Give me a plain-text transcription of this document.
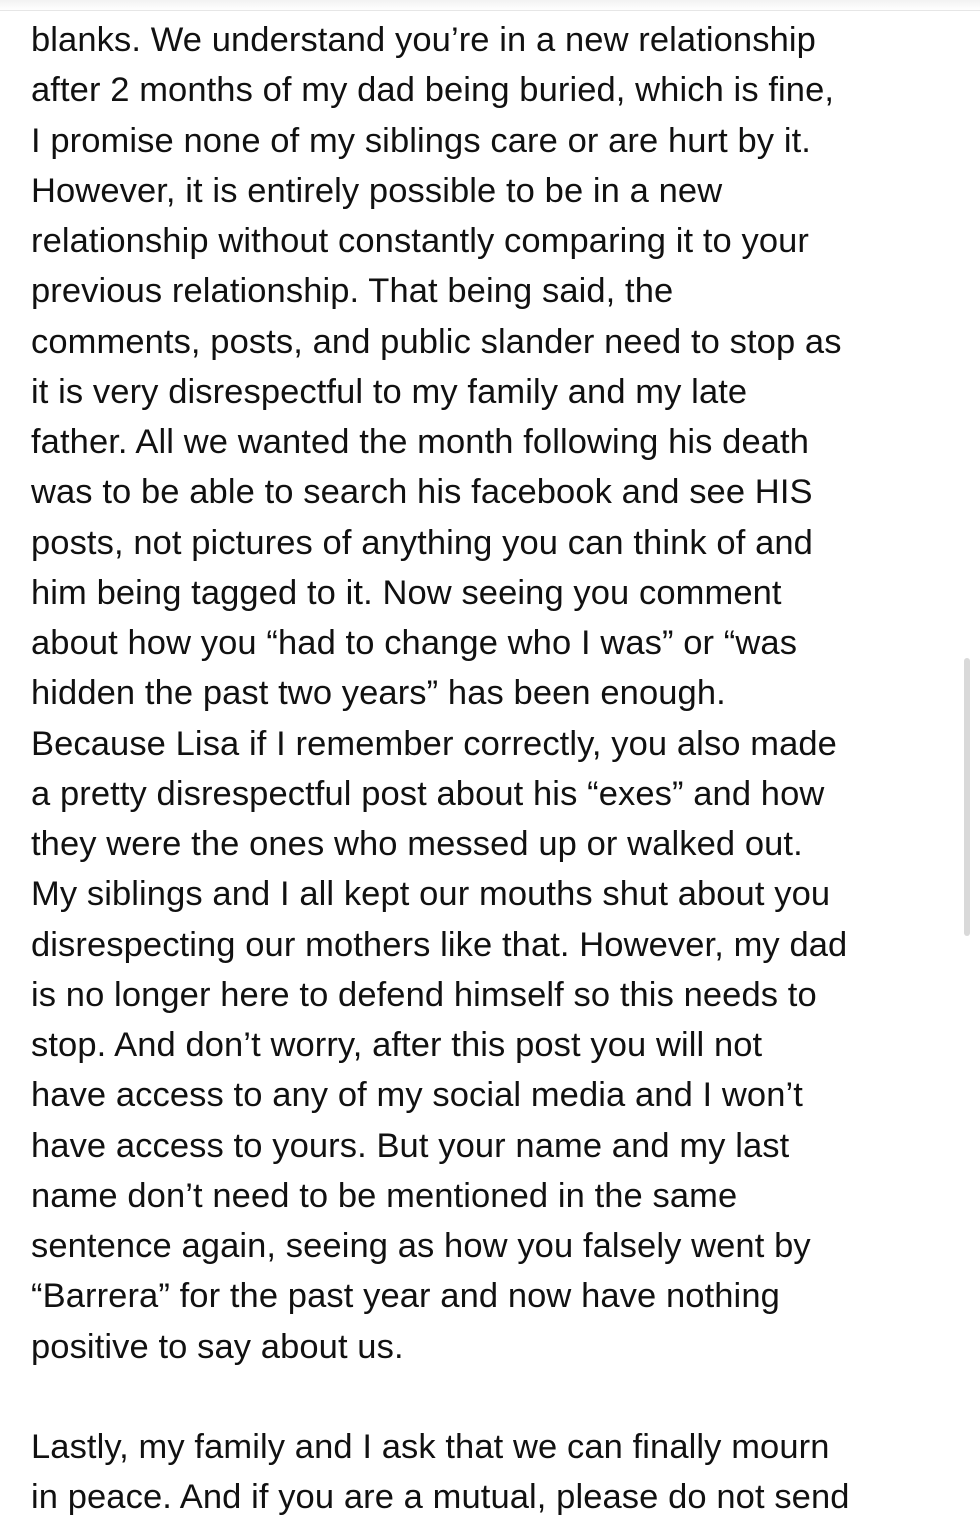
blanks. We understand you’re in a new relationship
after 2 months of my dad being buried, which is fine,
I promise none of my siblings care or are hurt by it.
However, it is entirely possible to be in a new
relationship without constantly comparing it to your
previous relationship. That being said, the
comments, posts, and public slander need to stop as
it is very disrespectful to my family and my late
father. All we wanted the month following his death
was to be able to search his facebook and see HIS
posts, not pictures of anything you can think of and
him being tagged to it. Now seeing you comment
about how you “had to change who I was” or “was
hidden the past two years” has been enough.
Because Lisa if I remember correctly, you also made
a pretty disrespectful post about his “exes” and how
they were the ones who messed up or walked out.
My siblings and I all kept our mouths shut about you
disrespecting our mothers like that. However, my dad
is no longer here to defend himself so this needs to
stop. And don’t worry, after this post you will not
have access to any of my social media and I won’t
have access to yours. But your name and my last
name don’t need to be mentioned in the same
sentence again, seeing as how you falsely went by
“Barrera” for the past year and now have nothing
positive to say about us.

Lastly, my family and I ask that we can finally mourn
in peace. And if you are a mutual, please do not send
